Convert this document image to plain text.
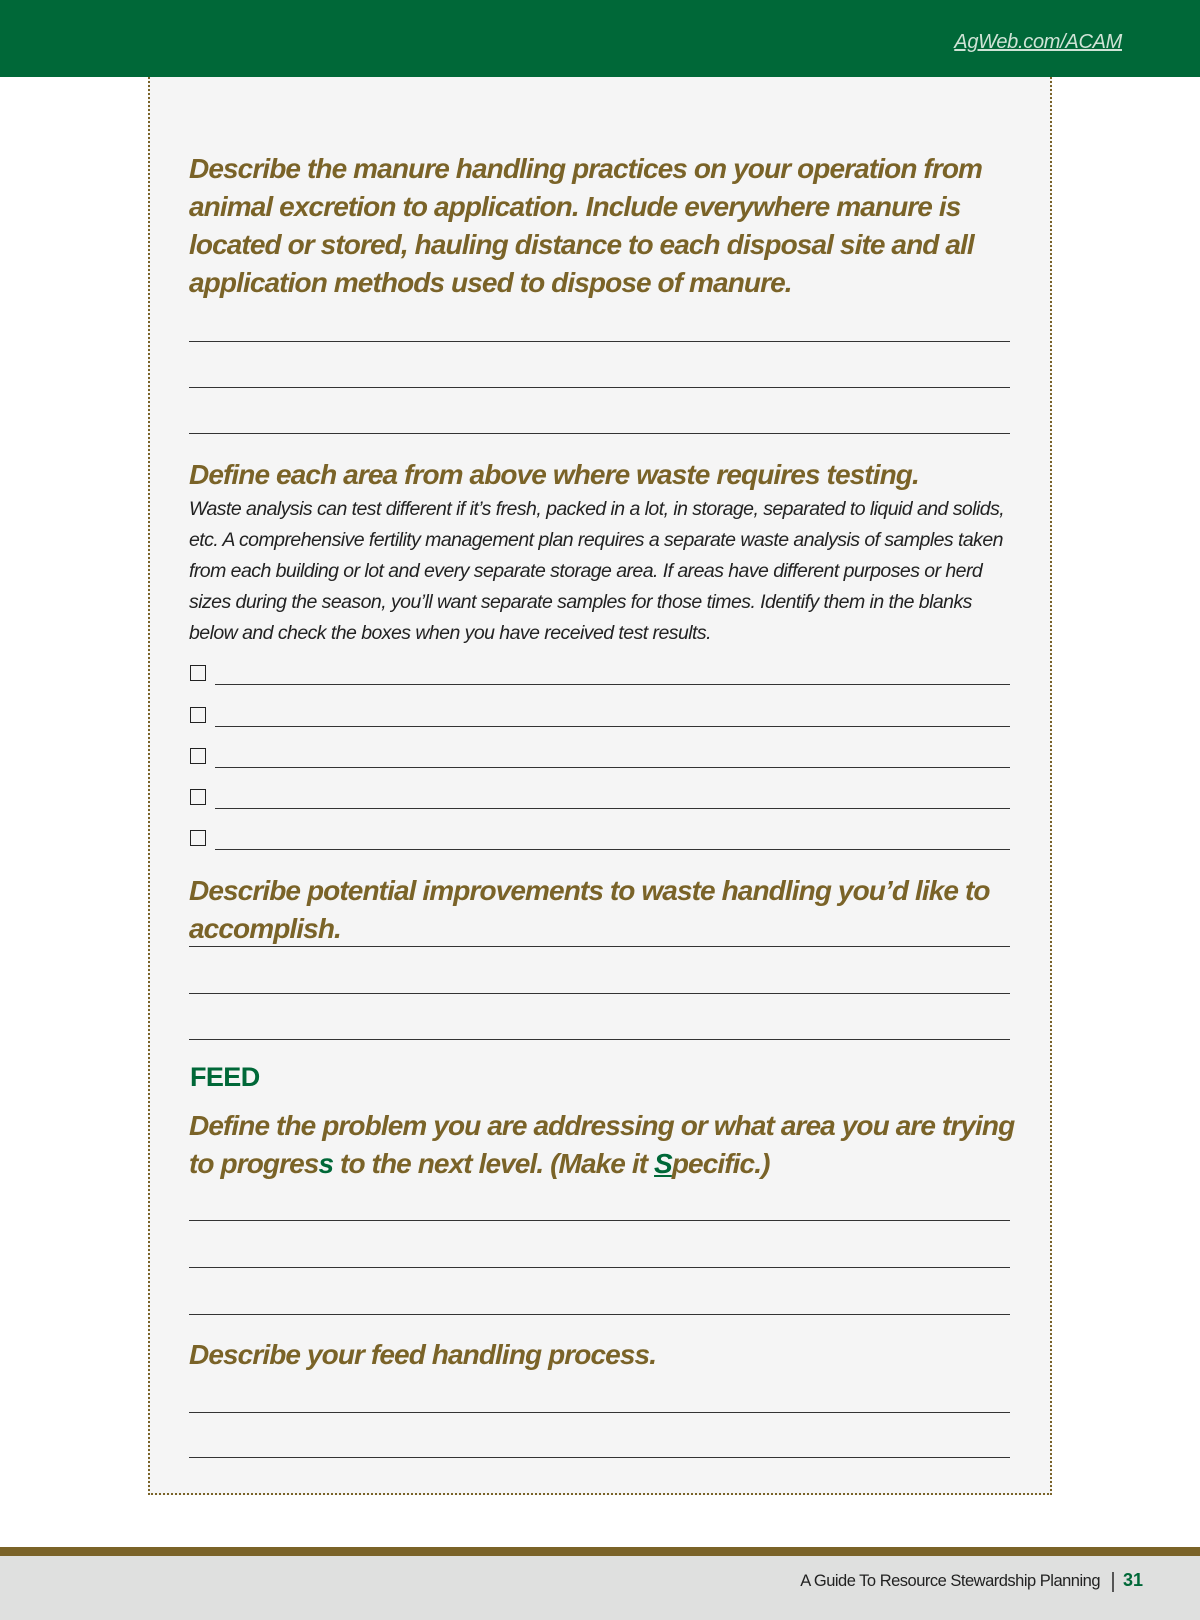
AgWeb.com/ACAM
Describe the manure handling practices on your operation from animal excretion to application. Include everywhere manure is located or stored, hauling distance to each disposal site and all application methods used to dispose of manure.
Define each area from above where waste requires testing.
Waste analysis can test different if it’s fresh, packed in a lot, in storage, separated to liquid and solids, etc. A comprehensive fertility management plan requires a separate waste analysis of samples taken from each building or lot and every separate storage area. If areas have different purposes or herd sizes during the season, you’ll want separate samples for those times. Identify them in the blanks below and check the boxes when you have received test results.
Describe potential improvements to waste handling you’d like to accomplish.
FEED
Define the problem you are addressing or what area you are trying to progress to the next level. (Make it Specific.)
Describe your feed handling process.
A Guide To Resource Stewardship Planning 31
